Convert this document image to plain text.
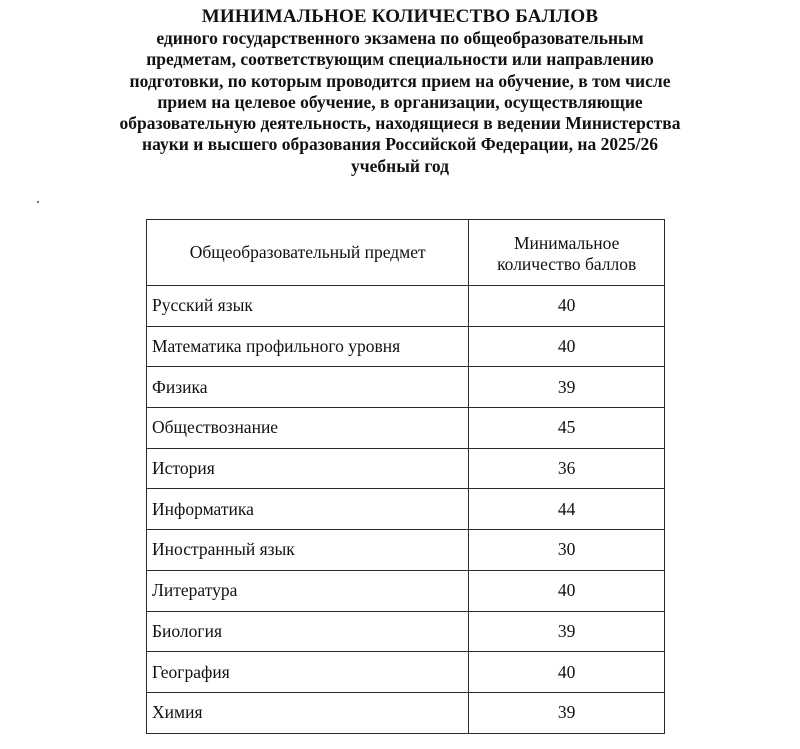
МИНИМАЛЬНОЕ КОЛИЧЕСТВО БАЛЛОВ
единого государственного экзамена по общеобразовательным
предметам, соответствующим специальности или направлению
подготовки, по которым проводится прием на обучение, в том числе
прием на целевое обучение, в организации, осуществляющие
образовательную деятельность, находящиеся в ведении Министерства
науки и высшего образования Российской Федерации, на 2025/26
учебный год
Общеобразовательный предмет	Минимальное
количество баллов
Русский язык	40
Математика профильного уровня	40
Физика	39
Обществознание	45
История	36
Информатика	44
Иностранный язык	30
Литература	40
Биология	39
География	40
Химия	39
